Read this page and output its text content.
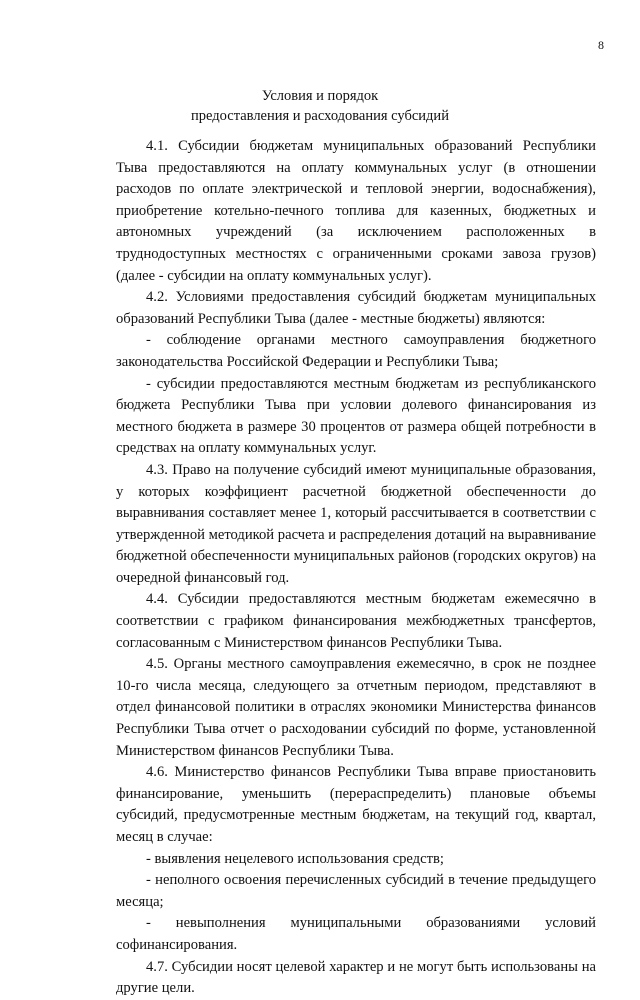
8
Условия и порядок
предоставления и расходования субсидий

4.1. Субсидии бюджетам муниципальных образований Республики Тыва предоставляются на оплату коммунальных услуг (в отношении расходов по оплате электрической и тепловой энергии, водоснабжения), приобретение котельно-печного топлива для казенных, бюджетных и автономных учреждений (за исключением расположенных в труднодоступных местностях с ограниченными сроками завоза грузов) (далее - субсидии на оплату коммунальных услуг).

4.2. Условиями предоставления субсидий бюджетам муниципальных образований Республики Тыва (далее - местные бюджеты) являются:

- соблюдение органами местного самоуправления бюджетного законодательства Российской Федерации и Республики Тыва;

- субсидии предоставляются местным бюджетам из республиканского бюджета Республики Тыва при условии долевого финансирования из местного бюджета в размере 30 процентов от размера общей потребности в средствах на оплату коммунальных услуг.

4.3. Право на получение субсидий имеют муниципальные образования, у которых коэффициент расчетной бюджетной обеспеченности до выравнивания составляет менее 1, который рассчитывается в соответствии с утвержденной методикой расчета и распределения дотаций на выравнивание бюджетной обеспеченности муниципальных районов (городских округов) на очередной финансовый год.

4.4. Субсидии предоставляются местным бюджетам ежемесячно в соответствии с графиком финансирования межбюджетных трансфертов, согласованным с Министерством финансов Республики Тыва.

4.5. Органы местного самоуправления ежемесячно, в срок не позднее 10-го числа месяца, следующего за отчетным периодом, представляют в отдел финансовой политики в отраслях экономики Министерства финансов Республики Тыва отчет о расходовании субсидий по форме, установленной Министерством финансов Республики Тыва.

4.6. Министерство финансов Республики Тыва вправе приостановить финансирование, уменьшить (перераспределить) плановые объемы субсидий, предусмотренные местным бюджетам, на текущий год, квартал, месяц в случае:

- выявления нецелевого использования средств;

- неполного освоения перечисленных субсидий в течение предыдущего месяца;

- невыполнения муниципальными образованиями условий софинансирования.

4.7. Субсидии носят целевой характер и не могут быть использованы на другие цели.
